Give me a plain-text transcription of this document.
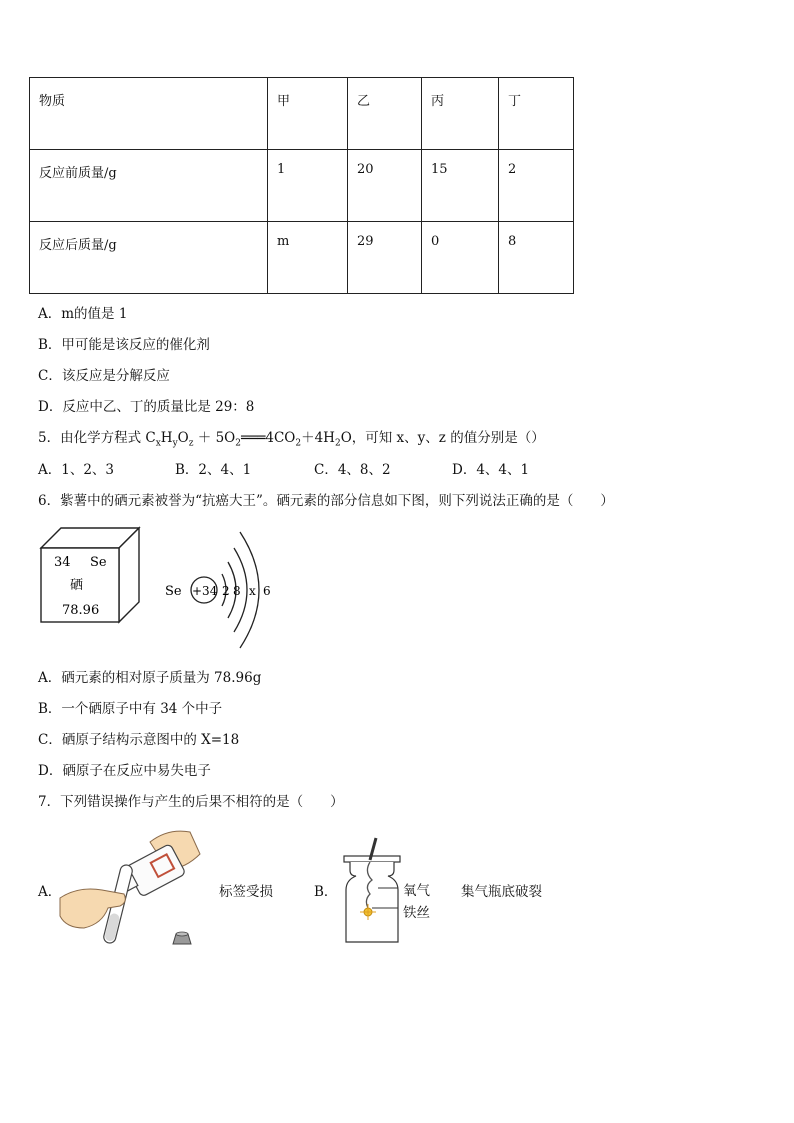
物质	甲	乙	丙	丁
反应前质量/g	1	20	15	2
反应后质量/g	m	29	0	8
A．m的值是 1
B．甲可能是该反应的催化剂
C．该反应是分解反应
D．反应中乙、丁的质量比是 29：8
5．由化学方程式 $C_xH_yO_z$ ＋ $5O_2═══4CO_2+4H_2O$，可知 x、y、z 的值分别是（）
A．1、2、3	B．2、4、1	C．4、8、2	D．4、4、1
6．紫薯中的硒元素被誉为“抗癌大王”。硒元素的部分信息如下图，则下列说法正确的是（　　）
34 Se
硒
78.96
Se +34 2 8 x 6
A．硒元素的相对原子质量为 78.96g
B．一个硒原子中有 34 个中子
C．硒原子结构示意图中的 X=18
D．硒原子在反应中易失电子
7．下列错误操作与产生的后果不相符的是（　　）
A．	标签受损	B．	氧气
铁丝
集气瓶底破裂
